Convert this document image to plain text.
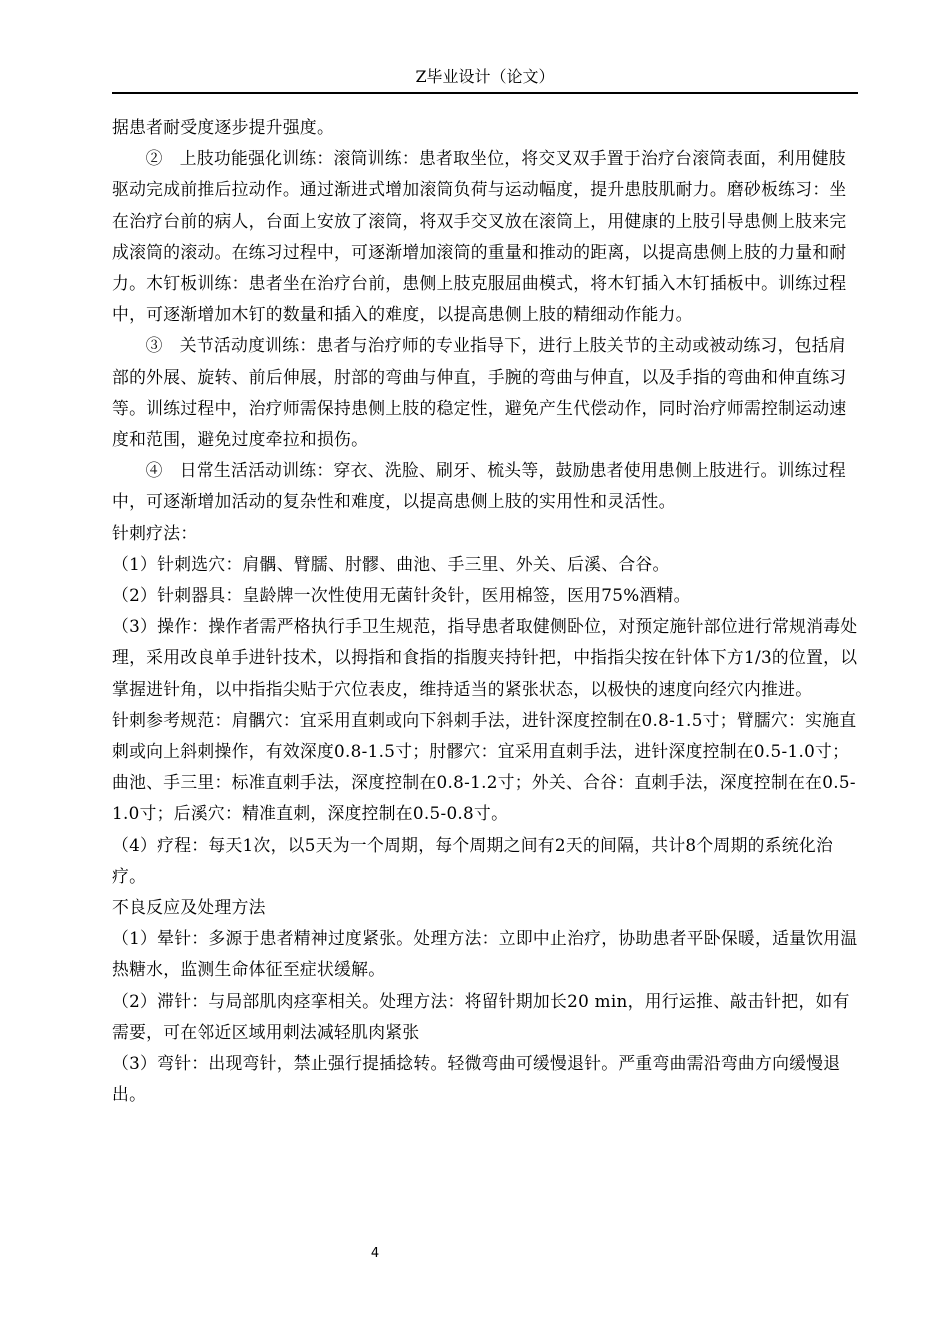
Z毕业设计（论文）

据患者耐受度逐步提升强度。

②　上肢功能强化训练：滚筒训练：患者取坐位，将交叉双手置于治疗台滚筒表面，利用健肢驱动完成前推后拉动作。通过渐进式增加滚筒负荷与运动幅度，提升患肢肌耐力。磨砂板练习：坐在治疗台前的病人，台面上安放了滚筒，将双手交叉放在滚筒上，用健康的上肢引导患侧上肢来完成滚筒的滚动。在练习过程中，可逐渐增加滚筒的重量和推动的距离，以提高患侧上肢的力量和耐力。木钉板训练：患者坐在治疗台前，患侧上肢克服屈曲模式，将木钉插入木钉插板中。训练过程中，可逐渐增加木钉的数量和插入的难度，以提高患侧上肢的精细动作能力。

③　关节活动度训练：患者与治疗师的专业指导下，进行上肢关节的主动或被动练习，包括肩部的外展、旋转、前后伸展，肘部的弯曲与伸直，手腕的弯曲与伸直，以及手指的弯曲和伸直练习等。训练过程中，治疗师需保持患侧上肢的稳定性，避免产生代偿动作，同时治疗师需控制运动速度和范围，避免过度牵拉和损伤。

④　日常生活活动训练：穿衣、洗脸、刷牙、梳头等，鼓励患者使用患侧上肢进行。训练过程中，可逐渐增加活动的复杂性和难度，以提高患侧上肢的实用性和灵活性。

针刺疗法：

（1）针刺选穴：肩髃、臂臑、肘髎、曲池、手三里、外关、后溪、合谷。

（2）针刺器具：皇龄牌一次性使用无菌针灸针，医用棉签，医用75%酒精。

（3）操作：操作者需严格执行手卫生规范，指导患者取健侧卧位，对预定施针部位进行常规消毒处理，采用改良单手进针技术，以拇指和食指的指腹夹持针把，中指指尖按在针体下方1/3的位置，以掌握进针角，以中指指尖贴于穴位表皮，维持适当的紧张状态，以极快的速度向经穴内推进。

针刺参考规范：肩髃穴：宜采用直刺或向下斜刺手法，进针深度控制在0.8-1.5寸；臂臑穴：实施直刺或向上斜刺操作，有效深度0.8-1.5寸；肘髎穴：宜采用直刺手法，进针深度控制在0.5-1.0寸；曲池、手三里：标准直刺手法，深度控制在0.8-1.2寸；外关、合谷：直刺手法，深度控制在在0.5-1.0寸；后溪穴：精准直刺，深度控制在0.5-0.8寸。

（4）疗程：每天1次，以5天为一个周期，每个周期之间有2天的间隔，共计8个周期的系统化治疗。

不良反应及处理方法

（1）晕针：多源于患者精神过度紧张。处理方法：立即中止治疗，协助患者平卧保暖，适量饮用温热糖水，监测生命体征至症状缓解。

（2）滞针：与局部肌肉痉挛相关。处理方法：将留针期加长20 min，用行运推、敲击针把，如有需要，可在邻近区域用刺法减轻肌肉紧张

（3）弯针：出现弯针，禁止强行提插捻转。轻微弯曲可缓慢退针。严重弯曲需沿弯曲方向缓慢退出。

4
